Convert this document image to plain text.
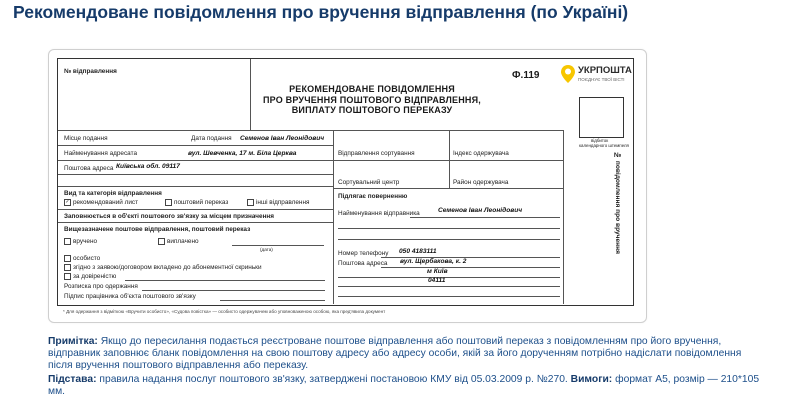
Рекомендоване повідомлення про вручення відправлення (по Україні)
№ відправлення
РЕКОМЕНДОВАНЕ ПОВІДОМЛЕННЯ
ПРО ВРУЧЕННЯ ПОШТОВОГО ВІДПРАВЛЕННЯ,
ВИПЛАТУ ПОШТОВОГО ПЕРЕКАЗУ
Ф.119	УКРПОШТА
ПОЄДНУЄ ТВОЇ ВІСТІ
відбиток
календарного штемпеля
№ повідомлення про вручення
Місце подання	Дата подання Семенов Іван Леонідович
Найменування адресата	вул. Шевченка, 17 м. Біла Церква
Поштова адреса Київська обл. 09117
Відправлення сортування	Індекс одержувача
Сортувальний центр	Район одержувача
Вид та категорія відправлення
✓ рекомендований лист	поштовий переказ	інші відправлення
Заповнюється в об'єкті поштового зв'язку за місцем призначення
Вищезазначене поштове відправлення, поштовий переказ
вручено	виплачено
(дата)
особисто
згідно з заявою/договором вкладено до абонементної скриньки
за довіреністю
Розписка про одержання
Підпис працівника об'єкта поштового зв'язку
Підлягає поверненню
Найменування відправника	Семенов Іван Леонідович
Номер телефону 050 4183111
Поштова адреса вул. Щербакова, к. 2
м Київ
04111
* Для одержання з відміткою «Вручити особисто», «Судова повістка» — особисто одержувачем або уповноваженою особою, яка пред'явила документ
Примітка: Якщо до пересилання подається реєстроване поштове відправлення або поштовий переказ з повідомленням про його вручення, відправник заповнює бланк повідомлення на свою поштову адресу або адресу особи, якій за його дорученням потрібно надіслати повідомлення після вручення поштового відправлення або переказу.
Підстава: правила надання послуг поштового зв'язку, затверджені постановою КМУ від 05.03.2009 р. №270. Вимоги: формат А5, розмір — 210*105 мм.
